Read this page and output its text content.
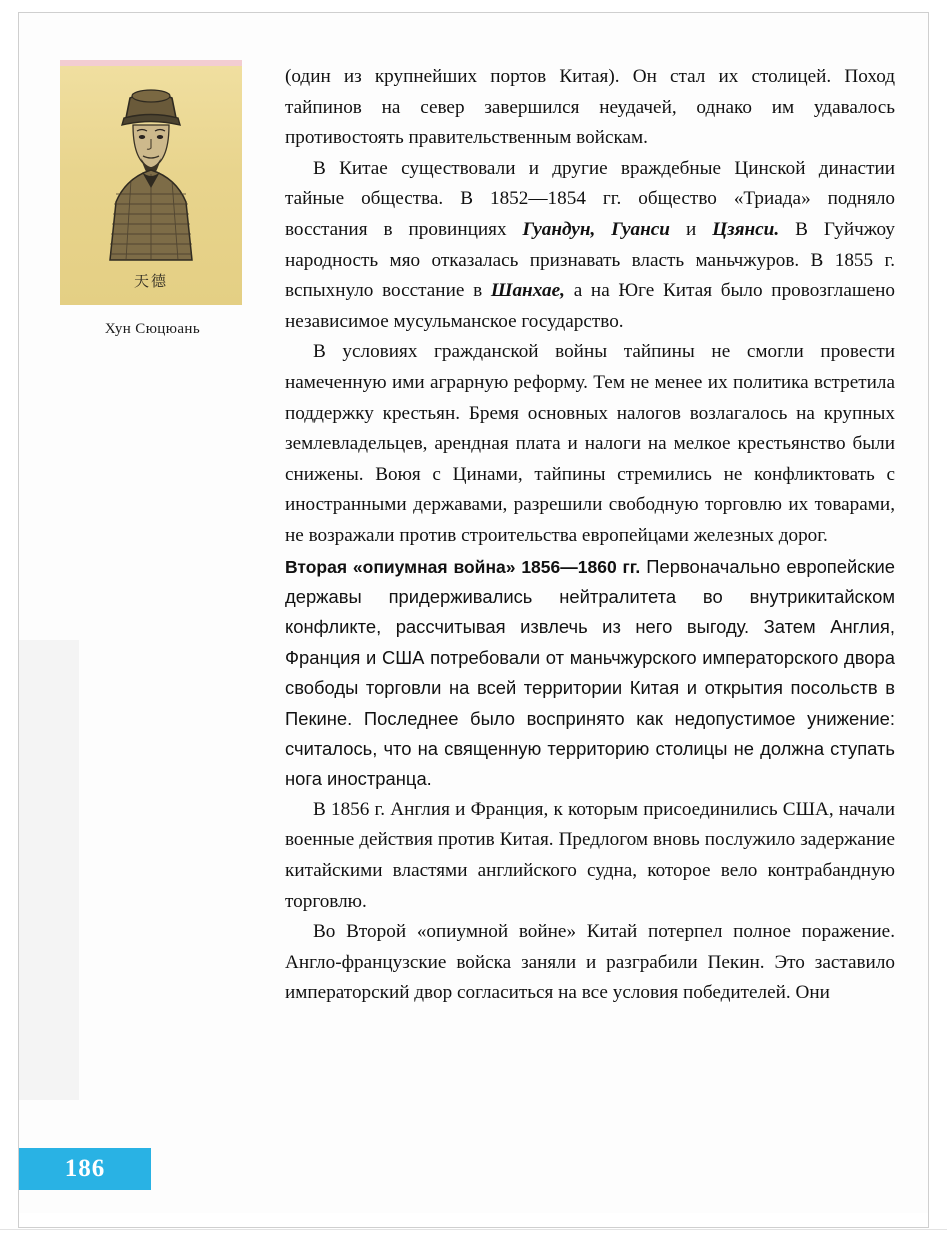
天德
Хун Сюцюань

(один из крупнейших портов Китая). Он стал их столицей. Поход тайпинов на север завершился неудачей, однако им удавалось противостоять правительственным войскам.

В Китае существовали и другие враждебные Цинской династии тайные общества. В 1852—1854 гг. общество «Триада» подняло восстания в провинциях Гуандун, Гуанси и Цзянси. В Гуйчжоу народность мяо отказалась признавать власть маньчжуров. В 1855 г. вспыхнуло восстание в Шанхае, а на Юге Китая было провозглашено независимое мусульманское государство.

В условиях гражданской войны тайпины не смогли провести намеченную ими аграрную реформу. Тем не менее их политика встретила поддержку крестьян. Бремя основных налогов возлагалось на крупных землевладельцев, арендная плата и налоги на мелкое крестьянство были снижены. Воюя с Цинами, тайпины стремились не конфликтовать с иностранными державами, разрешили свободную торговлю их товарами, не возражали против строительства европейцами железных дорог.

Вторая «опиумная война» 1856—1860 гг. Первоначально европейские державы придерживались нейтралитета во внутрикитайском конфликте, рассчитывая извлечь из него выгоду. Затем Англия, Франция и США потребовали от маньчжурского императорского двора свободы торговли на всей территории Китая и открытия посольств в Пекине. Последнее было воспринято как недопустимое унижение: считалось, что на священную территорию столицы не должна ступать нога иностранца.

В 1856 г. Англия и Франция, к которым присоединились США, начали военные действия против Китая. Предлогом вновь послужило задержание китайскими властями английского судна, которое вело контрабандную торговлю.

Во Второй «опиумной войне» Китай потерпел полное поражение. Англо-французские войска заняли и разграбили Пекин. Это заставило императорский двор согласиться на все условия победителей. Они

186
